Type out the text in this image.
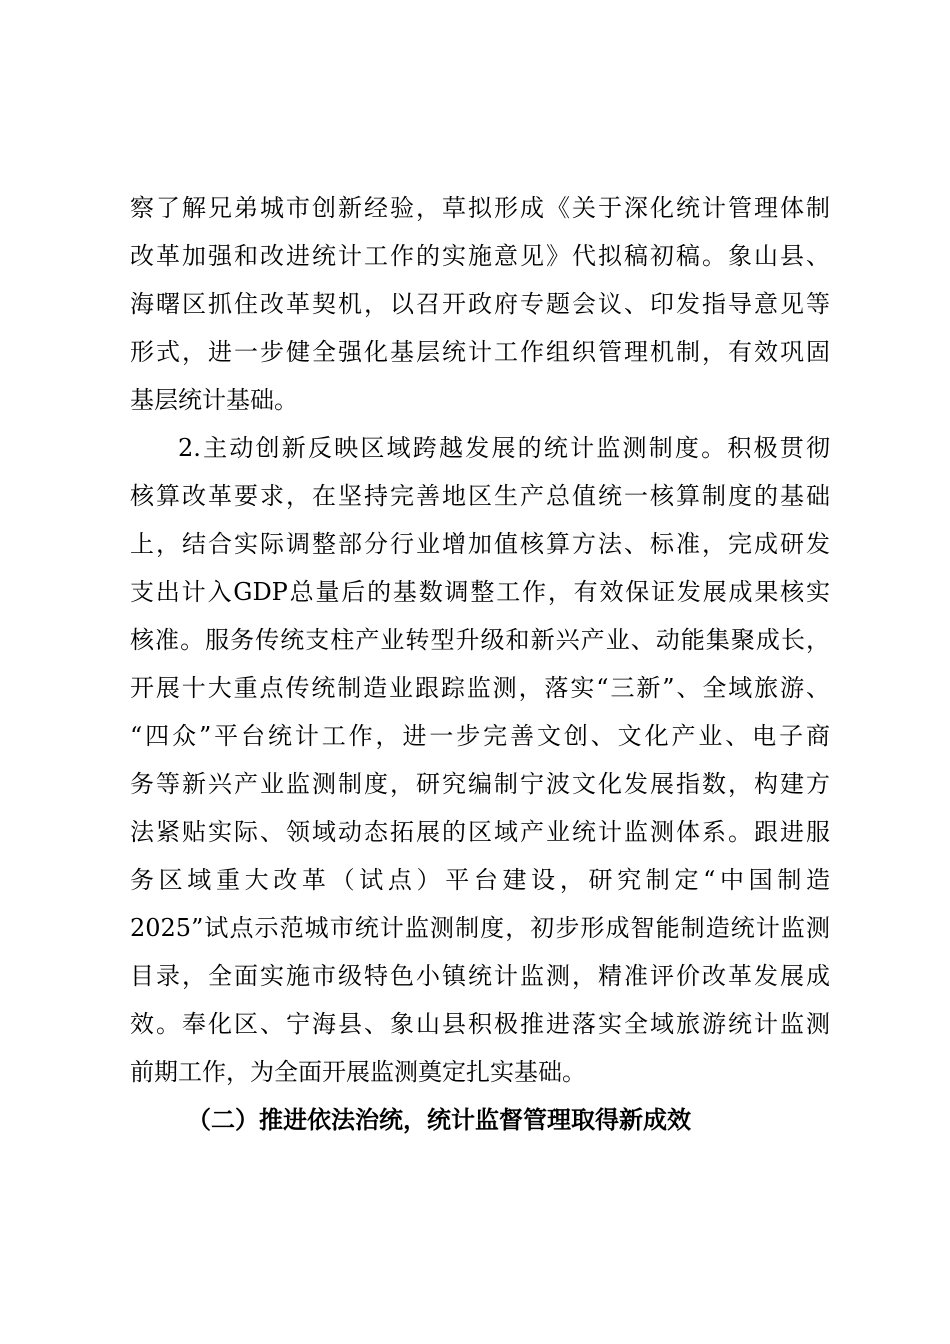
察了解兄弟城市创新经验，草拟形成《关于深化统计管理体制
改革加强和改进统计工作的实施意见》代拟稿初稿。象山县、
海曙区抓住改革契机，以召开政府专题会议、印发指导意见等
形式，进一步健全强化基层统计工作组织管理机制，有效巩固
基层统计基础。
2.主动创新反映区域跨越发展的统计监测制度。积极贯彻
核算改革要求，在坚持完善地区生产总值统一核算制度的基础
上，结合实际调整部分行业增加值核算方法、标准，完成研发
支出计入GDP总量后的基数调整工作，有效保证发展成果核实
核准。服务传统支柱产业转型升级和新兴产业、动能集聚成长，
开展十大重点传统制造业跟踪监测，落实“三新”、全域旅游、
“四众”平台统计工作，进一步完善文创、文化产业、电子商
务等新兴产业监测制度，研究编制宁波文化发展指数，构建方
法紧贴实际、领域动态拓展的区域产业统计监测体系。跟进服
务区域重大改革（试点）平台建设，研究制定“中国制造
2025”试点示范城市统计监测制度，初步形成智能制造统计监测
目录，全面实施市级特色小镇统计监测，精准评价改革发展成
效。奉化区、宁海县、象山县积极推进落实全域旅游统计监测
前期工作，为全面开展监测奠定扎实基础。
（二）推进依法治统，统计监督管理取得新成效
